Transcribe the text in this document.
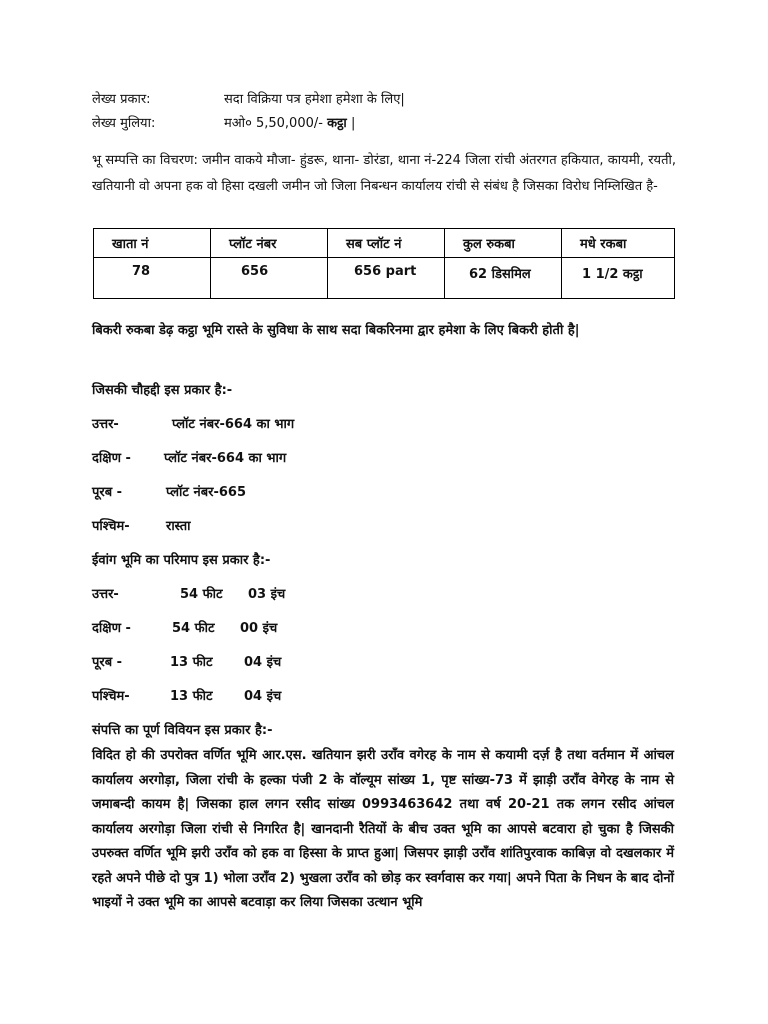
लेख्य प्रकार:	सदा विक्रिया पत्र हमेशा हमेशा के लिए|
लेख्य मुलिया:	मओ० 5,50,000/- कट्ठा |
भू सम्पत्ति का विचरण: जमीन वाकये मौजा- हुंडरू, थाना- डोरंडा, थाना नं-224 जिला रांची अंतरगत हकियात, कायमी, रयती, खतियानी वो अपना हक वो हिसा दखली जमीन जो जिला निबन्धन कार्यालय रांची से संबंध है जिसका विरोध निम्लिखित है-
खाता नं	प्लॉट नंबर	सब प्लॉट नं	कुल रुकबा	मधे रकबा
78	656	656 part	62 डिसमिल	1 1/2 कट्ठा
बिकरी रुकबा डेढ़ कट्ठा भूमि रास्ते के सुविधा के साथ सदा बिकरिनमा द्वार हमेशा के लिए बिकरी होती है|
जिसकी चौहद्दी इस प्रकार है:-
उत्तर-	प्लॉट नंबर-664 का भाग
दक्षिण -	प्लॉट नंबर-664 का भाग
पूरब -	प्लॉट नंबर-665
पश्चिम-	रास्ता
ईवांग भूमि का परिमाप इस प्रकार है:-
उत्तर-	54 फीट 03 इंच
दक्षिण -	54 फीट 00 इंच
पूरब -	13 फीट 04 इंच
पश्चिम-	13 फीट 04 इंच
संपत्ति का पूर्ण विवियन इस प्रकार है:-
विदित हो की उपरोक्त वर्णित भूमि आर.एस. खतियान झरी उराँव वगेरह के नाम से कयामी दर्ज़ है तथा वर्तमान में आंचल कार्यालय अरगोड़ा, जिला रांची के हल्का पंजी 2 के वॉल्यूम सांख्य 1, पृष्ट सांख्य-73 में झाड़ी उराँव वेगेरह के नाम से जमाबन्दी कायम है| जिसका हाल लगन रसीद सांख्य 0993463642 तथा वर्ष 20-21 तक लगन रसीद आंचल कार्यालय अरगोड़ा जिला रांची से निगरित है| खानदानी रैतियों के बीच उक्त भूमि का आपसे बटवारा हो चुका है जिसकी उपरुक्त वर्णित भूमि झरी उराँव को हक वा हिस्सा के प्राप्त हुआ| जिसपर झाड़ी उराँव शांतिपुरवाक काबिज़ वो दखलकार में रहते अपने पीछे दो पुत्र 1) भोला उराँव 2) भुखला उराँव को छोड़ कर स्वर्गवास कर गया| अपने पिता के निधन के बाद दोनों भाइयों ने उक्त भूमि का आपसे बटवाड़ा कर लिया जिसका उत्थान भूमि
